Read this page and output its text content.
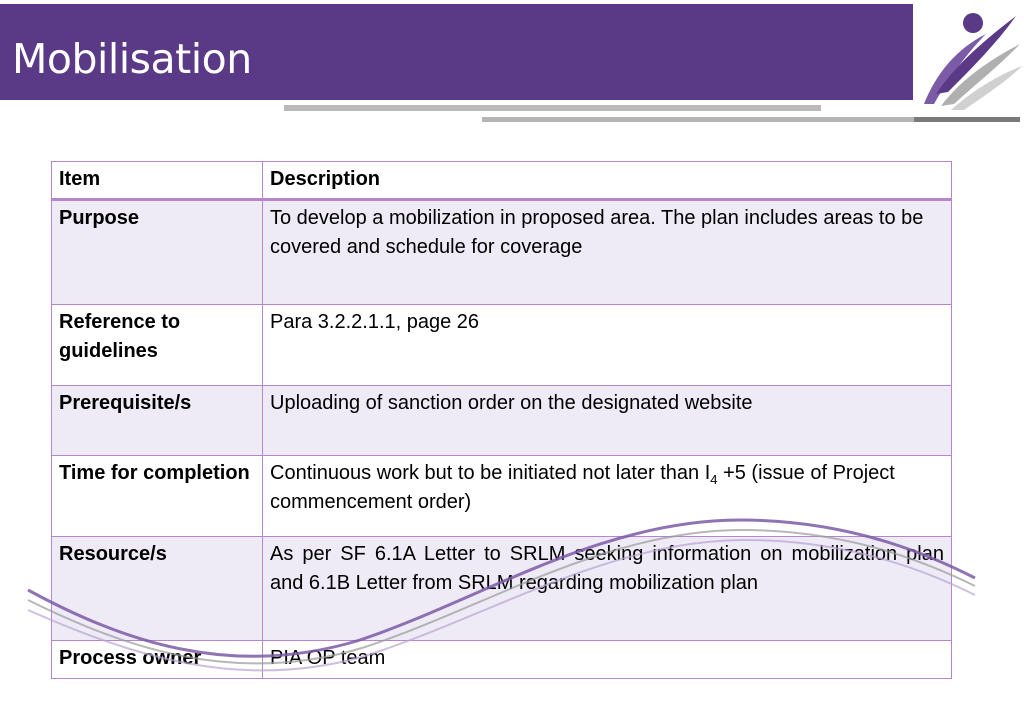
Mobilisation
Item	Description
Purpose	To develop a mobilization in proposed area. The plan includes areas to be covered and schedule for coverage
Reference to guidelines	Para 3.2.2.1.1, page 26
Prerequisite/s	Uploading of sanction order on the designated website
Time for completion	Continuous work but to be initiated not later than $I_4 +5$ (issue of Project commencement order)
Resource/s	As per SF 6.1A Letter to SRLM seeking information on mobilization plan and 6.1B Letter from SRLM regarding mobilization plan
Process owner	PIA OP team
